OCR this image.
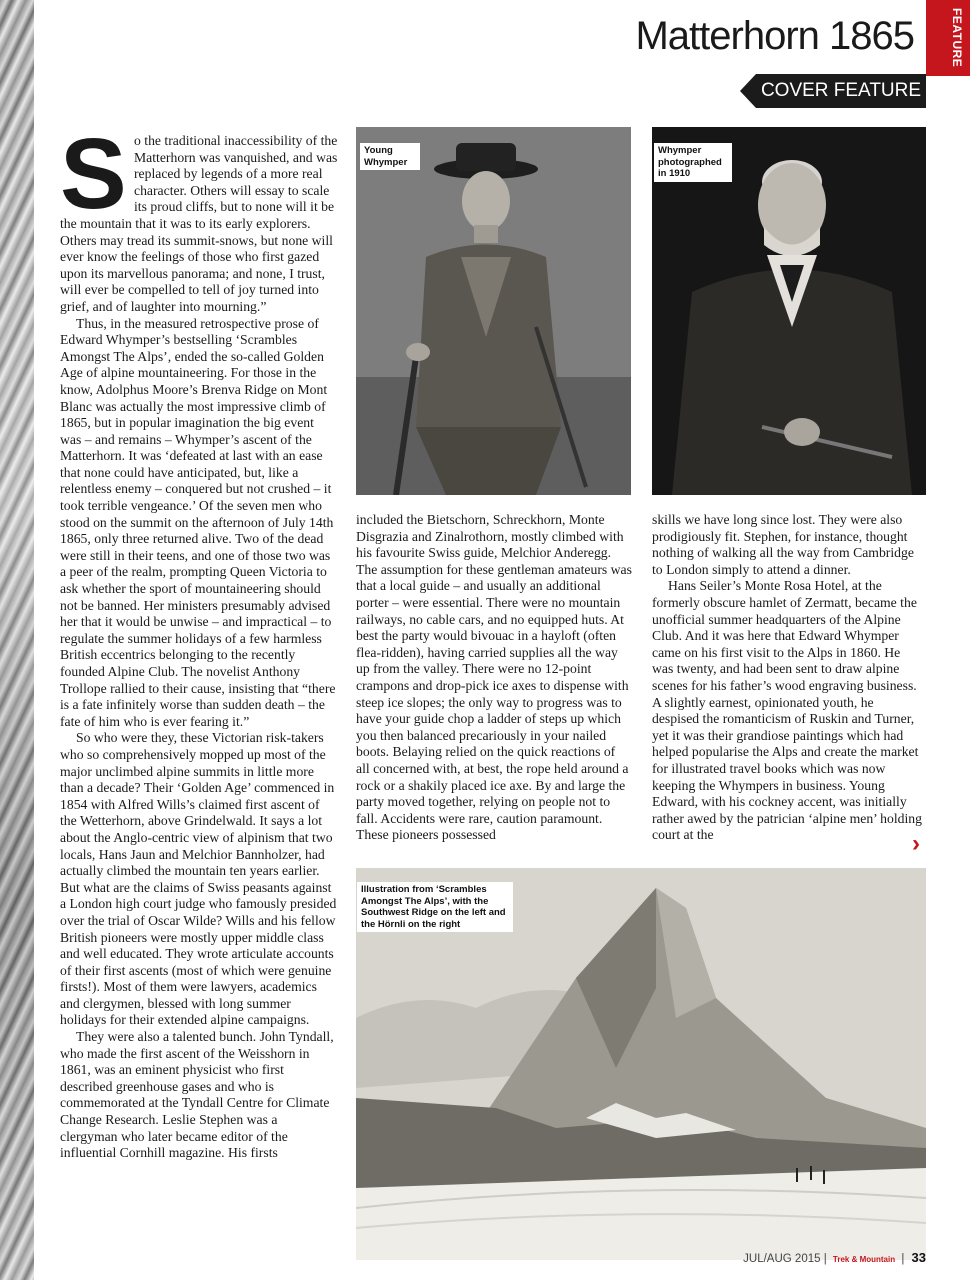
FEATURE
Matterhorn 1865
COVER FEATURE

So the traditional inaccessibility of the Matterhorn was vanquished, and was replaced by legends of a more real character. Others will essay to scale its proud cliffs, but to none will it be the mountain that it was to its early explorers. Others may tread its summit-snows, but none will ever know the feelings of those who first gazed upon its marvellous panorama; and none, I trust, will ever be compelled to tell of joy turned into grief, and of laughter into mourning.”

Thus, in the measured retrospective prose of Edward Whymper’s bestselling ‘Scrambles Amongst The Alps’, ended the so-called Golden Age of alpine mountaineering. For those in the know, Adolphus Moore’s Brenva Ridge on Mont Blanc was actually the most impressive climb of 1865, but in popular imagination the big event was – and remains – Whymper’s ascent of the Matterhorn. It was ‘defeated at last with an ease that none could have anticipated, but, like a relentless enemy – conquered but not crushed – it took terrible vengeance.’ Of the seven men who stood on the summit on the afternoon of July 14th 1865, only three returned alive. Two of the dead were still in their teens, and one of those two was a peer of the realm, prompting Queen Victoria to ask whether the sport of mountaineering should not be banned. Her ministers presumably advised her that it would be unwise – and impractical – to regulate the summer holidays of a few harmless British eccentrics belonging to the recently founded Alpine Club. The novelist Anthony Trollope rallied to their cause, insisting that “there is a fate infinitely worse than sudden death – the fate of him who is ever fearing it.”

So who were they, these Victorian risk-takers who so comprehensively mopped up most of the major unclimbed alpine summits in little more than a decade? Their ‘Golden Age’ commenced in 1854 with Alfred Wills’s claimed first ascent of the Wetterhorn, above Grindelwald. It says a lot about the Anglo-centric view of alpinism that two locals, Hans Jaun and Melchior Bannholzer, had actually climbed the mountain ten years earlier. But what are the claims of Swiss peasants against a London high court judge who famously presided over the trial of Oscar Wilde? Wills and his fellow British pioneers were mostly upper middle class and well educated. They wrote articulate accounts of their first ascents (most of which were genuine firsts!). Most of them were lawyers, academics and clergymen, blessed with long summer holidays for their extended alpine campaigns.

They were also a talented bunch. John Tyndall, who made the first ascent of the Weisshorn in 1861, was an eminent physicist who first described greenhouse gases and who is commemorated at the Tyndall Centre for Climate Change Research. Leslie Stephen was a clergyman who later became editor of the influential Cornhill magazine. His firsts

Young Whymper
Whymper photographed in 1910

included the Bietschorn, Schreckhorn, Monte Disgrazia and Zinalrothorn, mostly climbed with his favourite Swiss guide, Melchior Anderegg. The assumption for these gentleman amateurs was that a local guide – and usually an additional porter – were essential. There were no mountain railways, no cable cars, and no equipped huts. At best the party would bivouac in a hayloft (often flea-ridden), having carried supplies all the way up from the valley. There were no 12-point crampons and drop-pick ice axes to dispense with steep ice slopes; the only way to progress was to have your guide chop a ladder of steps up which you then balanced precariously in your nailed boots. Belaying relied on the quick reactions of all concerned with, at best, the rope held around a rock or a shakily placed ice axe. By and large the party moved together, relying on people not to fall. Accidents were rare, caution paramount. These pioneers possessed

skills we have long since lost. They were also prodigiously fit. Stephen, for instance, thought nothing of walking all the way from Cambridge to London simply to attend a dinner.

Hans Seiler’s Monte Rosa Hotel, at the formerly obscure hamlet of Zermatt, became the unofficial summer headquarters of the Alpine Club. And it was here that Edward Whymper came on his first visit to the Alps in 1860. He was twenty, and had been sent to draw alpine scenes for his father’s wood engraving business. A slightly earnest, opinionated youth, he despised the romanticism of Ruskin and Turner, yet it was their grandiose paintings which had helped popularise the Alps and create the market for illustrated travel books which was now keeping the Whympers in business. Young Edward, with his cockney accent, was initially rather awed by the patrician ‘alpine men’ holding court at the	›
Illustration from ‘Scrambles Amongst The Alps’, with the Southwest Ridge on the left and the Hörnli on the right
JUL/AUG 2015 | Trek & Mountain | 33
